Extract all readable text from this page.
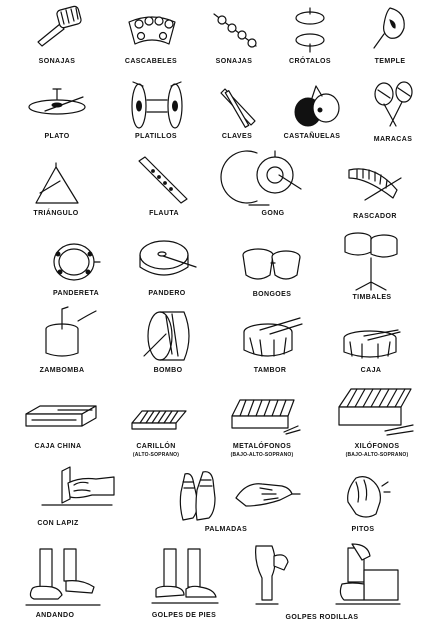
SONAJAS	CASCABELES	SONAJAS	CRÓTALOS	TEMPLE
PLATO	PLATILLOS	CLAVES	CASTAÑUELAS	MARACAS
TRIÁNGULO	FLAUTA	GONG	RASCADOR
PANDERETA	PANDERO	BONGOES	TIMBALES
ZAMBOMBA	BOMBO	TAMBOR	CAJA
CAJA CHINA	CARILLÓN
(ALTO-SOPRANO)
METALÓFONOS
(BAJO-ALTO-SOPRANO)
XILÓFONOS
(BAJO-ALTO-SOPRANO)
CON LAPIZ
PALMADAS	PITOS
ANDANDO	GOLPES DE PIES	GOLPES RODILLAS
